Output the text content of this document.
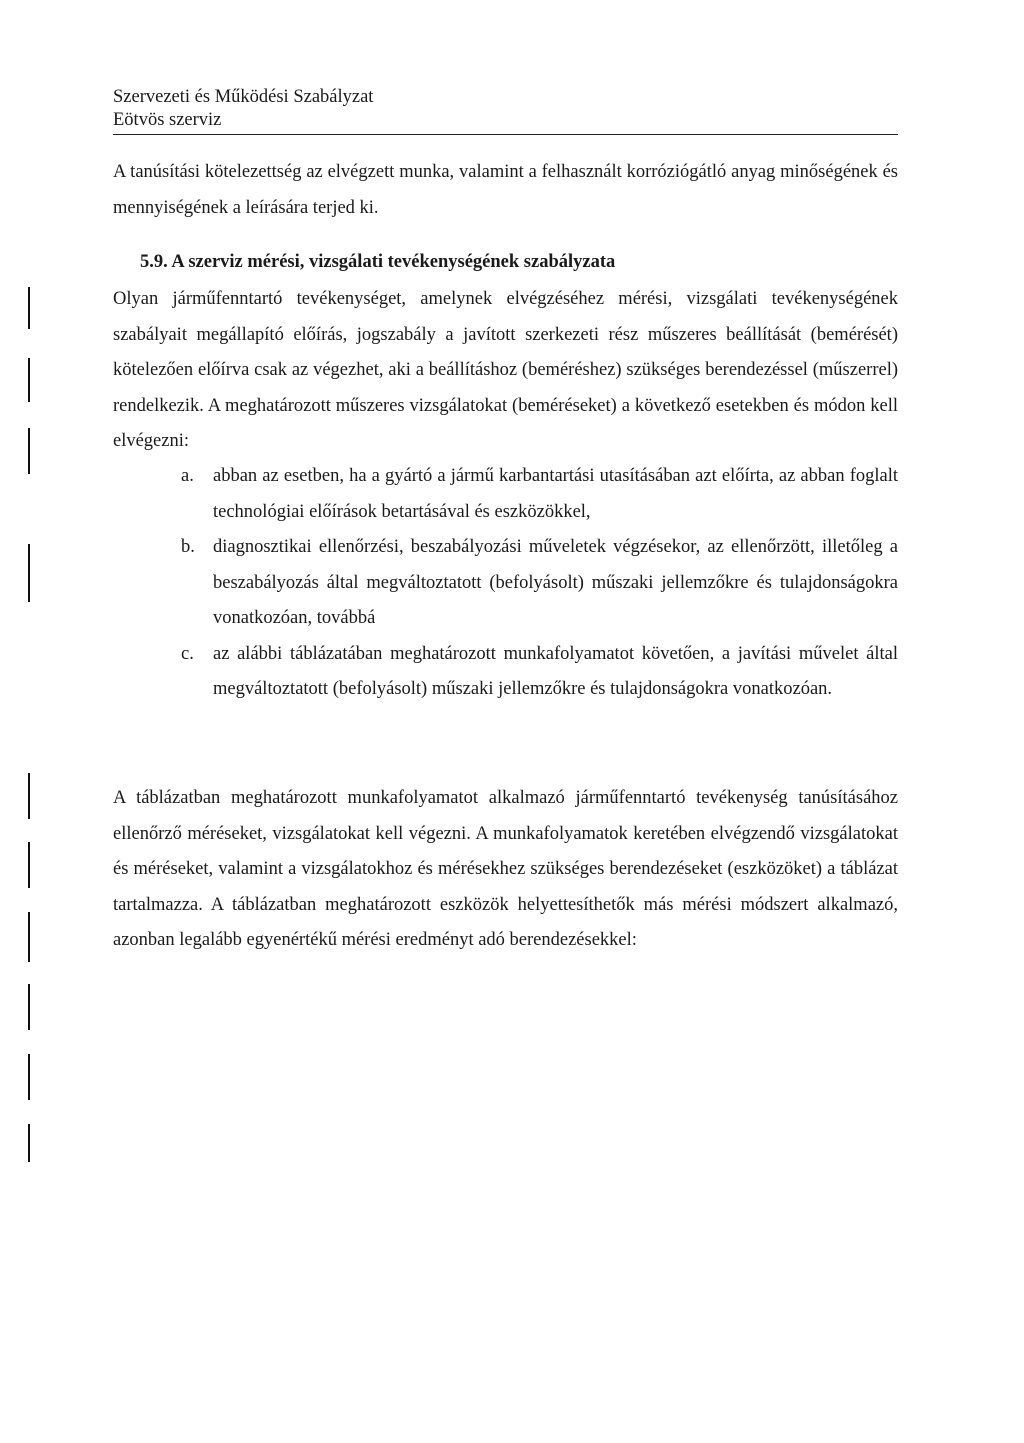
Szervezeti és Működési Szabályzat
Eötvös szerviz
A tanúsítási kötelezettség az elvégzett munka, valamint a felhasznált korróziógátló anyag minőségének és mennyiségének a leírására terjed ki.
5.9. A szerviz mérési, vizsgálati tevékenységének szabályzata
Olyan járműfenntartó tevékenységet, amelynek elvégzéséhez mérési, vizsgálati tevékenységének szabályait megállapító előírás, jogszabály a javított szerkezeti rész műszeres beállítását (bemérését) kötelezően előírva csak az végezhet, aki a beállításhoz (beméréshez) szükséges berendezéssel (műszerrel) rendelkezik. A meghatározott műszeres vizsgálatokat (beméréseket) a következő esetekben és módon kell elvégezni:
a. abban az esetben, ha a gyártó a jármű karbantartási utasításában azt előírta, az abban foglalt technológiai előírások betartásával és eszközökkel,
b. diagnosztikai ellenőrzési, beszabályozási műveletek végzésekor, az ellenőrzött, illetőleg a beszabályozás által megváltoztatott (befolyásolt) műszaki jellemzőkre és tulajdonságokra vonatkozóan, továbbá
c. az alábbi táblázatában meghatározott munkafolyamatot követően, a javítási művelet által megváltoztatott (befolyásolt) műszaki jellemzőkre és tulajdonságokra vonatkozóan.
A táblázatban meghatározott munkafolyamatot alkalmazó járműfenntartó tevékenység tanúsításához ellenőrző méréseket, vizsgálatokat kell végezni. A munkafolyamatok keretében elvégzendő vizsgálatokat és méréseket, valamint a vizsgálatokhoz és mérésekhez szükséges berendezéseket (eszközöket) a táblázat tartalmazza. A táblázatban meghatározott eszközök helyettesíthetők más mérési módszert alkalmazó, azonban legalább egyenértékű mérési eredményt adó berendezésekkel:
